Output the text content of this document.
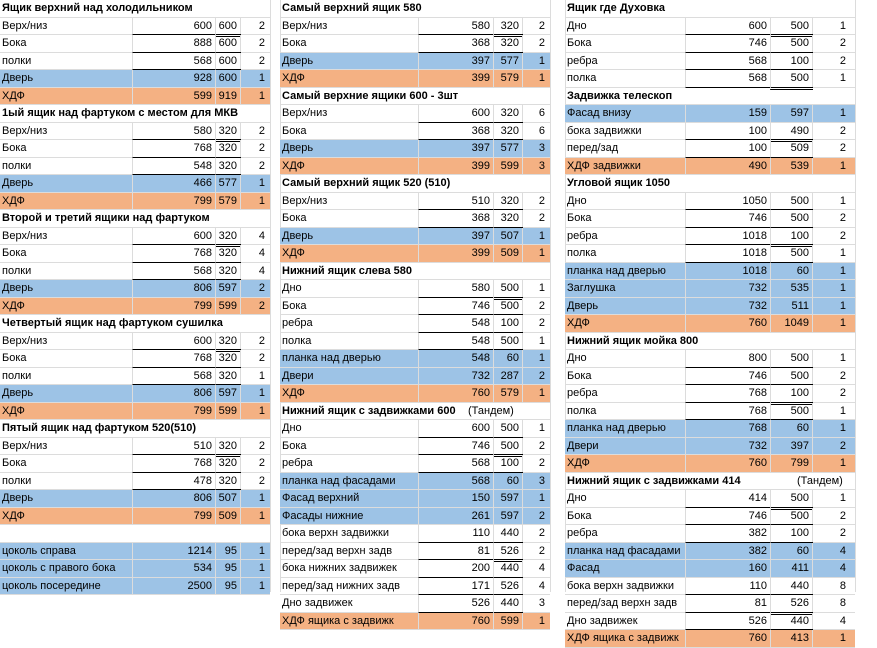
Ящик верхний над холодильником
Верх/низ	600 600	2
Бока	888 600	2
полки	568 600	2
Дверь	928 600	1
ХДФ	599 919	1
1ый ящик над фартуком с местом для МКВ
Верх/низ	580 320	2
Бока	768 320	2
полки	548 320	2
Дверь	466 577	1
ХДФ	799 579	1
Второй и третий ящики над фартуком
Верх/низ	600 320	4
Бока	768 320	4
полки	568 320	4
Дверь	806 597	2
ХДФ	799 599	2
Четвертый ящик над фартуком сушилка
Верх/низ	600 320	2
Бока	768 320	2
полки	568 320	1
Дверь	806 597	1
ХДФ	799 599	1
Пятый ящик над фартуком 520(510)
Верх/низ	510 320	2
Бока	768 320	2
полки	478 320	2
Дверь	806 507	1
ХДФ	799 509	1
цоколь справа	1214	95	1
цоколь с правого бока	534	95	1
цоколь посередине	2500	95	1
Самый верхний ящик 580
Верх/низ	580 320	2
Бока	368 320	2
Дверь	397 577	1
ХДФ	399 579	1
Самый верхние ящики 600 - 3шт
Верх/низ	600 320	6
Бока	368 320	6
Дверь	397 577	3
ХДФ	399 599	3
Самый верхний ящик 520 (510)
Верх/низ	510 320	2
Бока	368 320	2
Дверь	397 507	1
ХДФ	399 509	1
Нижний ящик слева 580
Дно	580 500	1
Бока	746 500	2
ребра	548 100	2
полка	548 500	1
планка над дверью	548	60	1
Двери	732 287	2
ХДФ	760 579	1
Нижний ящик с задвижками 600	(Тандем)
Дно	600 500	1
Бока	746 500	2
ребра	568 100	2
планка над фасадами	568	60	3
Фасад верхний	150 597	1
Фасады нижние	261 597	2
бока верхн задвижки	110 440	2
перед/зад верхн задв	81 526	2
бока нижних задвижек	200 440	4
перед/зад нижних задв	171 526	4
Дно задвижек	526 440	3
ХДФ ящика с задвижк	760 599	1
Ящик где Духовка
Дно	600	500	1
Бока	746	500	2
ребра	568	100	2
полка	568	500	1
Задвижка телескоп
Фасад внизу	159	597	1
бока задвижки	100	490	2
перед/зад	100	509	2
ХДФ задвижки	490	539	1
Угловой ящик 1050
Дно	1050	500	1
Бока	746	500	2
ребра	1018	100	2
полка	1018	500	1
планка над дверью	1018	60	1
Заглушка	732	535	1
Дверь	732	511	1
ХДФ	760	1049	1
Нижний ящик мойка 800
Дно	800	500	1
Бока	746	500	2
ребра	768	100	2
полка	768	500	1
планка над дверью	768	60	1
Двери	732	397	2
ХДФ	760	799	1
Нижний ящик с задвижками 414	(Тандем)
Дно	414	500	1
Бока	746	500	2
ребра	382	100	2
планка над фасадами	382	60	4
Фасад	160	411	4
бока верхн задвижки	110	440	8
перед/зад верхн задв	81	526	8
Дно задвижек	526	440	4
ХДФ ящика с задвижк	760	413	1
